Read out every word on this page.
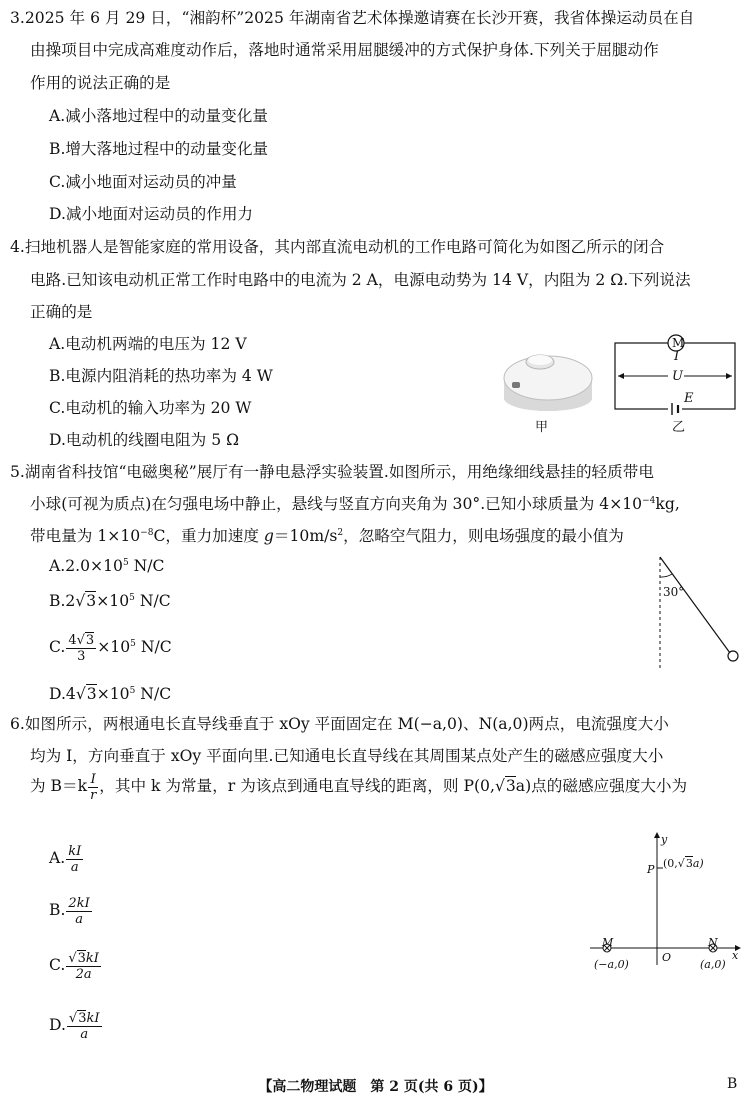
3.2025 年 6 月 29 日，“湘韵杯”2025 年湖南省艺术体操邀请赛在长沙开赛，我省体操运动员在自
由操项目中完成高难度动作后，落地时通常采用屈腿缓冲的方式保护身体.下列关于屈腿动作
作用的说法正确的是
A.减小落地过程中的动量变化量
B.增大落地过程中的动量变化量
C.减小地面对运动员的冲量
D.减小地面对运动员的作用力
4.扫地机器人是智能家庭的常用设备，其内部直流电动机的工作电路可简化为如图乙所示的闭合
电路.已知该电动机正常工作时电路中的电流为 2 A，电源电动势为 14 V，内阻为 2 Ω.下列说法
正确的是
A.电动机两端的电压为 12 V
B.电源内阻消耗的热功率为 4 W
C.电动机的输入功率为 20 W
D.电动机的线圈电阻为 5 Ω
甲
M
I
U
E
乙
5.湖南省科技馆“电磁奥秘”展厅有一静电悬浮实验装置.如图所示，用绝缘细线悬挂的轻质带电
小球(可视为质点)在匀强电场中静止，悬线与竖直方向夹角为 30°.已知小球质量为 $4\times 10^{-4}kg$,
带电量为 $1\times 10^{-8}C$，重力加速度 $g=10m/s^2$，忽略空气阻力，则电场强度的最小值为
$A.2.0\times 10^5$ N/C
$B.2√3\times 10^5$ N/C
C. $\frac{4√3}{3} \times 10^5$ N/C
$D.4√3\times 10^5$ N/C
30°
6.如图所示，两根通电长直导线垂直于 xOy 平面固定在 M(−a,0)、N(a,0)两点，电流强度大小
均为 I，方向垂直于 xOy 平面向里.已知通电长直导线在其周围某点处产生的磁感应强度大小
为 $B=k \frac{I}{r}$ ，其中 k 为常量，r 为该点到通电直导线的距离，则 P(0,√3a)点的磁感应强度大小为
A. $\frac{kI}{a}$
B. $\frac{2kI}{a}$
C. $\frac{√3kI}{2a}$
D. $\frac{√3kI}{a}$
y
x
O
P (0,√3a)
M
(−a,0)
N
(a,0)
【高二物理试题　第 2 页(共 6 页)】	B
